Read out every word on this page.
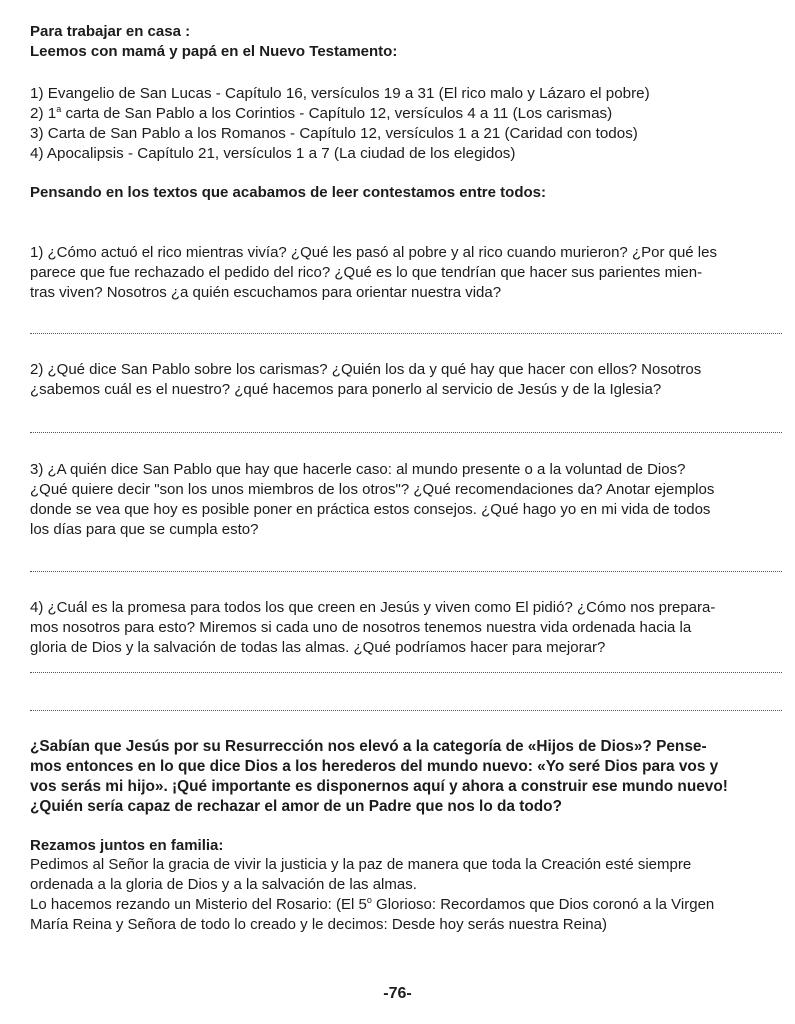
Para trabajar en casa :
Leemos con mamá y papá en el Nuevo Testamento:
1) Evangelio de San Lucas - Capítulo 16, versículos 19 a 31 (El rico malo y Lázaro el pobre)
2) 1$^a$ carta de San Pablo a los Corintios - Capítulo 12, versículos 4 a 11 (Los carismas)
3) Carta de San Pablo a los Romanos - Capítulo 12, versículos 1 a 21 (Caridad con todos)
4) Apocalipsis - Capítulo 21, versículos 1 a 7 (La ciudad de los elegidos)
Pensando en los textos que acabamos de leer contestamos entre todos:
1) ¿Cómo actuó el rico mientras vivía? ¿Qué les pasó al pobre y al rico cuando murieron? ¿Por qué les
parece que fue rechazado el pedido del rico? ¿Qué es lo que tendrían que hacer sus parientes mien-
tras viven? Nosotros ¿a quién escuchamos para orientar nuestra vida?
2) ¿Qué dice San Pablo sobre los carismas? ¿Quién los da y qué hay que hacer con ellos? Nosotros
¿sabemos cuál es el nuestro? ¿qué hacemos para ponerlo al servicio de Jesús y de la Iglesia?
3) ¿A quién dice San Pablo que hay que hacerle caso: al mundo presente o a la voluntad de Dios?
¿Qué quiere decir "son los unos miembros de los otros"? ¿Qué recomendaciones da? Anotar ejemplos
donde se vea que hoy es posible poner en práctica estos consejos. ¿Qué hago yo en mi vida de todos
los días para que se cumpla esto?
4) ¿Cuál es la promesa para todos los que creen en Jesús y viven como El pidió? ¿Cómo nos prepara-
mos nosotros para esto? Miremos si cada uno de nosotros tenemos nuestra vida ordenada hacia la
gloria de Dios y la salvación de todas las almas. ¿Qué podríamos hacer para mejorar?
¿Sabían que Jesús por su Resurrección nos elevó a la categoría de «Hijos de Dios»? Pense-
mos entonces en lo que dice Dios a los herederos del mundo nuevo: «Yo seré Dios para vos y
vos serás mi hijo». ¡Qué importante es disponernos aquí y ahora a construir ese mundo nuevo!
¿Quién sería capaz de rechazar el amor de un Padre que nos lo da todo?
Rezamos juntos en familia:
Pedimos al Señor la gracia de vivir la justicia y la paz de manera que toda la Creación esté siempre
ordenada a la gloria de Dios y a la salvación de las almas.
Lo hacemos rezando un Misterio del Rosario: (El 5$^o$ Glorioso: Recordamos que Dios coronó a la Virgen
María Reina y Señora de todo lo creado y le decimos: Desde hoy serás nuestra Reina)
-76-
